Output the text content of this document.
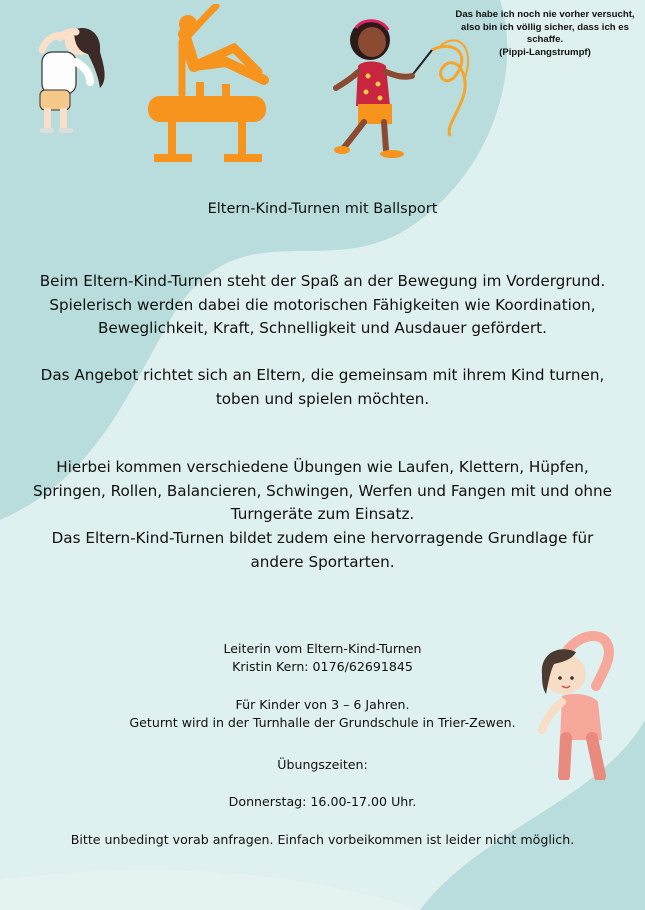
Das habe ich noch nie vorher versucht,
also bin ich völlig sicher, dass ich es
schaffe.
(Pippi-Langstrumpf)
Eltern-Kind-Turnen mit Ballsport
Beim Eltern-Kind-Turnen steht der Spaß an der Bewegung im Vordergrund.
Spielerisch werden dabei die motorischen Fähigkeiten wie Koordination,
Beweglichkeit, Kraft, Schnelligkeit und Ausdauer gefördert.
Das Angebot richtet sich an Eltern, die gemeinsam mit ihrem Kind turnen,
toben und spielen möchten.
Hierbei kommen verschiedene Übungen wie Laufen, Klettern, Hüpfen,
Springen, Rollen, Balancieren, Schwingen, Werfen und Fangen mit und ohne
Turngeräte zum Einsatz.
Das Eltern-Kind-Turnen bildet zudem eine hervorragende Grundlage für
andere Sportarten.
Leiterin vom Eltern-Kind-Turnen
Kristin Kern: 0176/62691845
Für Kinder von 3 – 6 Jahren.
Geturnt wird in der Turnhalle der Grundschule in Trier-Zewen.
Übungszeiten:
Donnerstag: 16.00-17.00 Uhr.
Bitte unbedingt vorab anfragen. Einfach vorbeikommen ist leider nicht möglich.
